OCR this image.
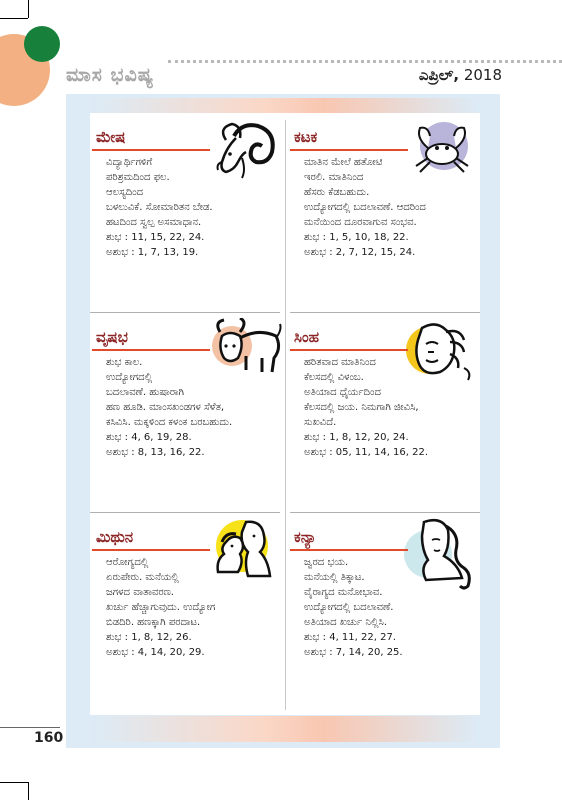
ಮಾಸ ಭವಿಷ್ಯ	ಎಪ್ರಿಲ್, 2018
ಮೇಷ
ವಿದ್ಯಾರ್ಥಿಗಳಿಗೆ
ಪರಿಶ್ರಮದಿಂದ ಫಲ.
ಆಲಸ್ಯದಿಂದ
ಬಳಲುವಿಕೆ. ಸೋಮಾರಿತನ ಬೇಡ.
ಹಟದಿಂದ ಸ್ವಲ್ಪ ಅಸಮಾಧಾನ.
ಶುಭ : 11, 15, 22, 24.
ಅಶುಭ : 1, 7, 13, 19.
ಕಟಕ
ಮಾತಿನ ಮೇಲೆ ಹತೋಟಿ
ಇರಲಿ. ಮಾತಿನಿಂದ
ಹೆಸರು ಕೆಡಬಹುದು.
ಉದ್ಯೋಗದಲ್ಲಿ ಬದಲಾವಣೆ. ಆದರಿಂದ
ಮನೆಯಿಂದ ದೂರವಾಗುವ ಸಂಭವ.
ಶುಭ : 1, 5, 10, 18, 22.
ಅಶುಭ : 2, 7, 12, 15, 24.
ವೃಷಭ
ಶುಭ ಕಾಲ.
ಉದ್ಯೋಗದಲ್ಲಿ
ಬದಲಾವಣೆ. ಹುಷಾರಾಗಿ
ಹಣ ಹೂಡಿ. ಮಾಂಸಖಂಡಗಳ ಸೆಳೆತ,
ಕಸಿವಿಸಿ. ಮಕ್ಕಳಿಂದ ಕಳಂಕ ಬರಬಹುದು.
ಶುಭ : 4, 6, 19, 28.
ಅಶುಭ : 8, 13, 16, 22.
ಸಿಂಹ
ಹರಿತವಾದ ಮಾತಿನಿಂದ
ಕೆಲಸದಲ್ಲಿ ವಿಳಂಬ.
ಅತಿಯಾದ ಧೈರ್ಯದಿಂದ
ಕೆಲಸದಲ್ಲಿ ಜಯ. ನಿಮಗಾಗಿ ಜೀವಿಸಿ,
ಸುಖವಿದೆ.
ಶುಭ : 1, 8, 12, 20, 24.
ಅಶುಭ : 05, 11, 14, 16, 22.
ಮಿಥುನ
ಆರೋಗ್ಯದಲ್ಲಿ
ಏರುಪೇರು. ಮನೆಯಲ್ಲಿ
ಜಗಳದ ವಾತಾವರಣ.
ಖರ್ಚು ಹೆಚ್ಚಾಗುವುದು. ಉದ್ಯೋಗ
ಬಿಡದಿರಿ. ಹಣಕ್ಕಾಗಿ ಪರದಾಟ.
ಶುಭ : 1, 8, 12, 26.
ಅಶುಭ : 4, 14, 20, 29.
ಕನ್ಯಾ
ಜ್ವರದ ಭಯ.
ಮನೆಯಲ್ಲಿ ತಿಕ್ಕಾಟ.
ವೈರಾಗ್ಯದ ಮನೋಭಾವ.
ಉದ್ಯೋಗದಲ್ಲಿ ಬದಲಾವಣೆ.
ಅತಿಯಾದ ಖರ್ಚು ನಿಲ್ಲಿಸಿ.
ಶುಭ : 4, 11, 22, 27.
ಅಶುಭ : 7, 14, 20, 25.
160
